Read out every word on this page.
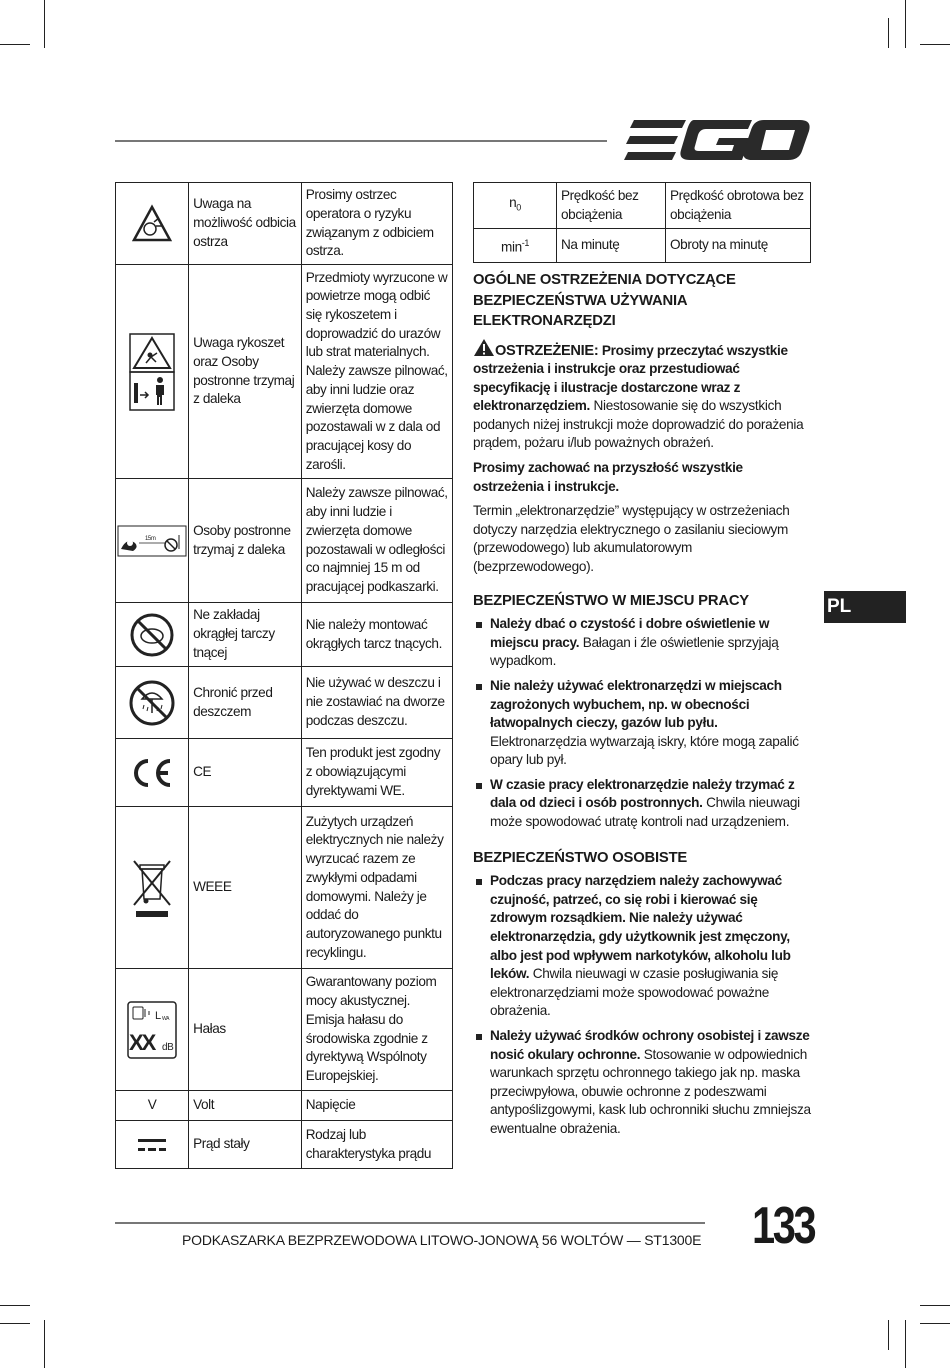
EGO
	Uwaga na możliwość odbicia ostrza	Prosimy ostrzec operatora o ryzyku związanym z odbiciem ostrza.

	Uwaga rykoszet oraz Osoby postronne trzymaj z daleka	Przedmioty wyrzucone w powietrze mogą odbić się rykoszetem i doprowadzić do urazów lub strat materialnych. Należy zawsze pilnować, aby inni ludzie oraz zwierzęta domowe pozostawali w z dala od pracującej kosy do zarośli.

15m	Osoby postronne trzymaj z daleka	Należy zawsze pilnować, aby inni ludzie i zwierzęta domowe pozostawali w odległości co najmniej 15 m od pracującej podkaszarki.

	Ne zakładaj okrągłej tarczy tnącej	Nie należy montować okrągłych tarcz tnących.

	Chronić przed deszczem	Nie używać w deszczu i nie zostawiać na dworze podczas deszczu.

	CE	Ten produkt jest zgodny z obowiązującymi dyrektywami WE.

	WEEE	Zużytych urządzeń elektrycznych nie należy wyrzucać razem ze zwykłymi odpadami domowymi. Należy je oddać do autoryzowanego punktu recyklingu.

L WA
XX dB	Hałas	Gwarantowany poziom mocy akustycznej. Emisja hałasu do środowiska zgodnie z dyrektywą Wspólnoty Europejskiej.
V	Volt	Napięcie

	Prąd stały	Rodzaj lub charakterystyka prądu
$n_0$	Prędkość bez obciążenia	Prędkość obrotowa bez obciążenia
$\min^{-1}$	Na minutę	Obroty na minutę
OGÓLNE OSTRZEŻENIA DOTYCZĄCE BEZPIECZEŃSTWA UŻYWANIA ELEKTRONARZĘDZI

OSTRZEŻENIE: Prosimy przeczytać wszystkie ostrzeżenia i instrukcje oraz przestudiować specyfikację i ilustracje dostarczone wraz z elektronarzędziem. Niestosowanie się do wszystkich podanych niżej instrukcji może doprowadzić do porażenia prądem, pożaru i/lub poważnych obrażeń.

Prosimy zachować na przyszłość wszystkie ostrzeżenia i instrukcje.

Termin „elektronarzędzie” występujący w ostrzeżeniach dotyczy narzędzia elektrycznego o zasilaniu sieciowym (przewodowego) lub akumulatorowym (bezprzewodowego).

BEZPIECZEŃSTWO W MIEJSCU PRACY
Należy dbać o czystość i dobre oświetlenie w miejscu pracy. Bałagan i źle oświetlenie sprzyjają wypadkom.
Nie należy używać elektronarzędzi w miejscach zagrożonych wybuchem, np. w obecności łatwopalnych cieczy, gazów lub pyłu. Elektronarzędzia wytwarzają iskry, które mogą zapalić opary lub pył.
W czasie pracy elektronarzędzie należy trzymać z dala od dzieci i osób postronnych. Chwila nieuwagi może spowodować utratę kontroli nad urządzeniem.
BEZPIECZEŃSTWO OSOBISTE
Podczas pracy narzędziem należy zachowywać czujność, patrzeć, co się robi i kierować się zdrowym rozsądkiem. Nie należy używać elektronarzędzia, gdy użytkownik jest zmęczony, albo jest pod wpływem narkotyków, alkoholu lub leków. Chwila nieuwagi w czasie posługiwania się elektronarzędziami może spowodować poważne obrażenia.
Należy używać środków ochrony osobistej i zawsze nosić okulary ochronne. Stosowanie w odpowiednich warunkach sprzętu ochronnego takiego jak np. maska przeciwpyłowa, obuwie ochronne z podeszwami antypoślizgowymi, kask lub ochronniki słuchu zmniejsza ewentualne obrażenia.
PL
PODKASZARKA BEZPRZEWODOWA LITOWO-JONOWĄ 56 WOLTÓW — ST1300E 133
